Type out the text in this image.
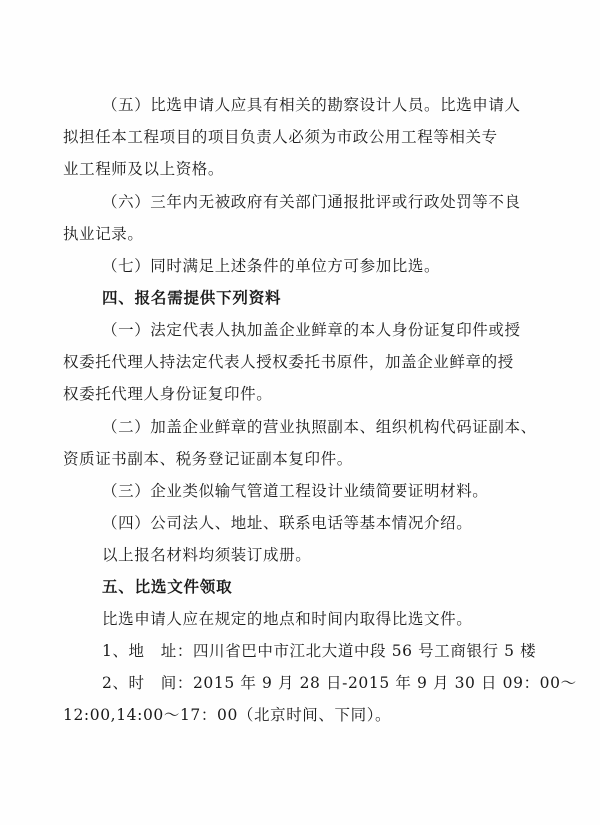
（五）比选申请人应具有相关的勘察设计人员。比选申请人
拟担任本工程项目的项目负责人必须为市政公用工程等相关专
业工程师及以上资格。
（六）三年内无被政府有关部门通报批评或行政处罚等不良
执业记录。
（七）同时满足上述条件的单位方可参加比选。
四、报名需提供下列资料
（一）法定代表人执加盖企业鲜章的本人身份证复印件或授
权委托代理人持法定代表人授权委托书原件，加盖企业鲜章的授
权委托代理人身份证复印件。
（二）加盖企业鲜章的营业执照副本、组织机构代码证副本、
资质证书副本、税务登记证副本复印件。
（三）企业类似输气管道工程设计业绩简要证明材料。
（四）公司法人、地址、联系电话等基本情况介绍。
以上报名材料均须装订成册。
五、比选文件领取
比选申请人应在规定的地点和时间内取得比选文件。
1、地　址：四川省巴中市江北大道中段 56 号工商银行 5 楼
2、时　间：2015 年 9 月 28 日-2015 年 9 月 30 日 09：00～
12:00,14:00～17：00（北京时间、下同）。
